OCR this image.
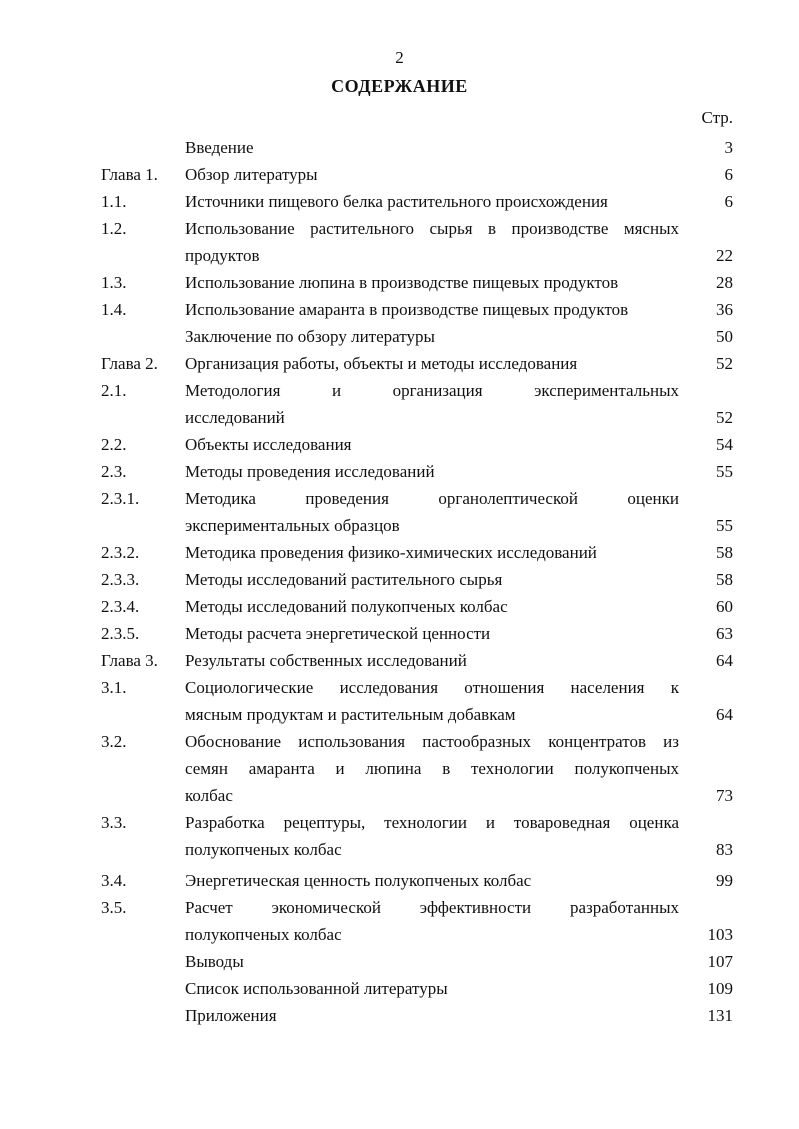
2
СОДЕРЖАНИЕ
Стр.
Введение	3
Глава 1. Обзор литературы	6
1.1.	Источники пищевого белка растительного происхождения	6
1.2.	Использование растительного сырья в производстве мясных
продуктов	22
1.3.	Использование люпина в производстве пищевых продуктов	28
1.4.	Использование амаранта в производстве пищевых продуктов	36
Заключение по обзору литературы	50
Глава 2. Организация работы, объекты и методы исследования	52
2.1.	Методология и организация экспериментальных
исследований	52
2.2.	Объекты исследования	54
2.3.	Методы проведения исследований	55
2.3.1.	Методика проведения органолептической оценки
экспериментальных образцов	55
2.3.2.	Методика проведения физико-химических исследований	58
2.3.3.	Методы исследований растительного сырья	58
2.3.4.	Методы исследований полукопченых колбас	60
2.3.5.	Методы расчета энергетической ценности	63
Глава 3. Результаты собственных исследований	64
3.1.	Социологические исследования отношения населения к
мясным продуктам и растительным добавкам	64
3.2.	Обоснование использования пастообразных концентратов из
семян амаранта и люпина в технологии полукопченых
колбас	73
3.3.	Разработка рецептуры, технологии и товароведная оценка
полукопченых колбас	83
3.4.	Энергетическая ценность полукопченых колбас	99
3.5.	Расчет экономической эффективности разработанных
полукопченых колбас	103
Выводы	107
Список использованной литературы	109
Приложения	131
